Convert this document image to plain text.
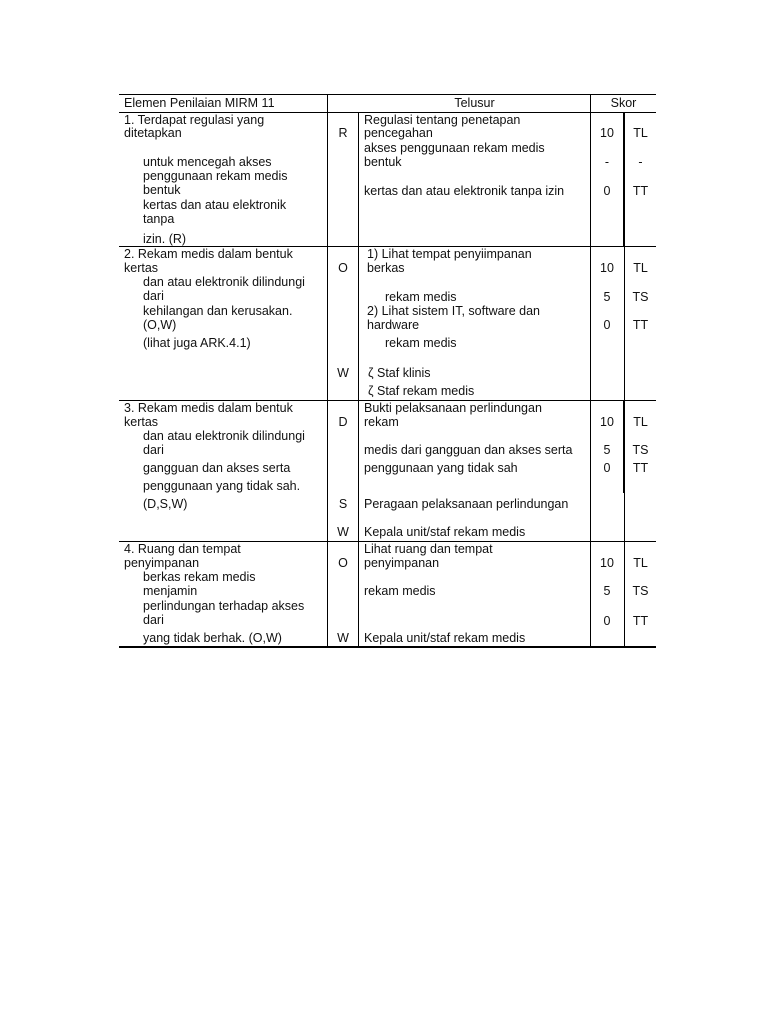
Elemen Penilaian MIRM 11	Telusur	Skor
1. Terdapat regulasi yang
ditetapkan
untuk mencegah akses
penggunaan rekam medis
bentuk
kertas dan atau elektronik
tanpa
izin. (R)
R
Regulasi tentang penetapan
pencegahan
akses penggunaan rekam medis
bentuk
kertas dan atau elektronik tanpa izin
10
-
0
TL
-
TT
2. Rekam medis dalam bentuk
kertas
dan atau elektronik dilindungi
dari
kehilangan dan kerusakan.
(O,W)
(lihat juga ARK.4.1)
O
W
1) Lihat tempat penyiimpanan
berkas
rekam medis
2) Lihat sistem IT, software dan
hardware
rekam medis
ζ Staf klinis
ζ Staf rekam medis
10
5
0
TL
TS
TT
3. Rekam medis dalam bentuk
kertas
dan atau elektronik dilindungi
dari
gangguan dan akses serta
penggunaan yang tidak sah.
(D,S,W)
D
S
W
Bukti pelaksanaan perlindungan
rekam
medis dari gangguan dan akses serta
penggunaan yang tidak sah
Peragaan pelaksanaan perlindungan
Kepala unit/staf rekam medis
10
5
0
TL
TS
TT
4. Ruang dan tempat
penyimpanan
berkas rekam medis
menjamin
perlindungan terhadap akses
dari
yang tidak berhak. (O,W)
O
W
Lihat ruang dan tempat
penyimpanan
rekam medis
Kepala unit/staf rekam medis
10
5
0
TL
TS
TT
